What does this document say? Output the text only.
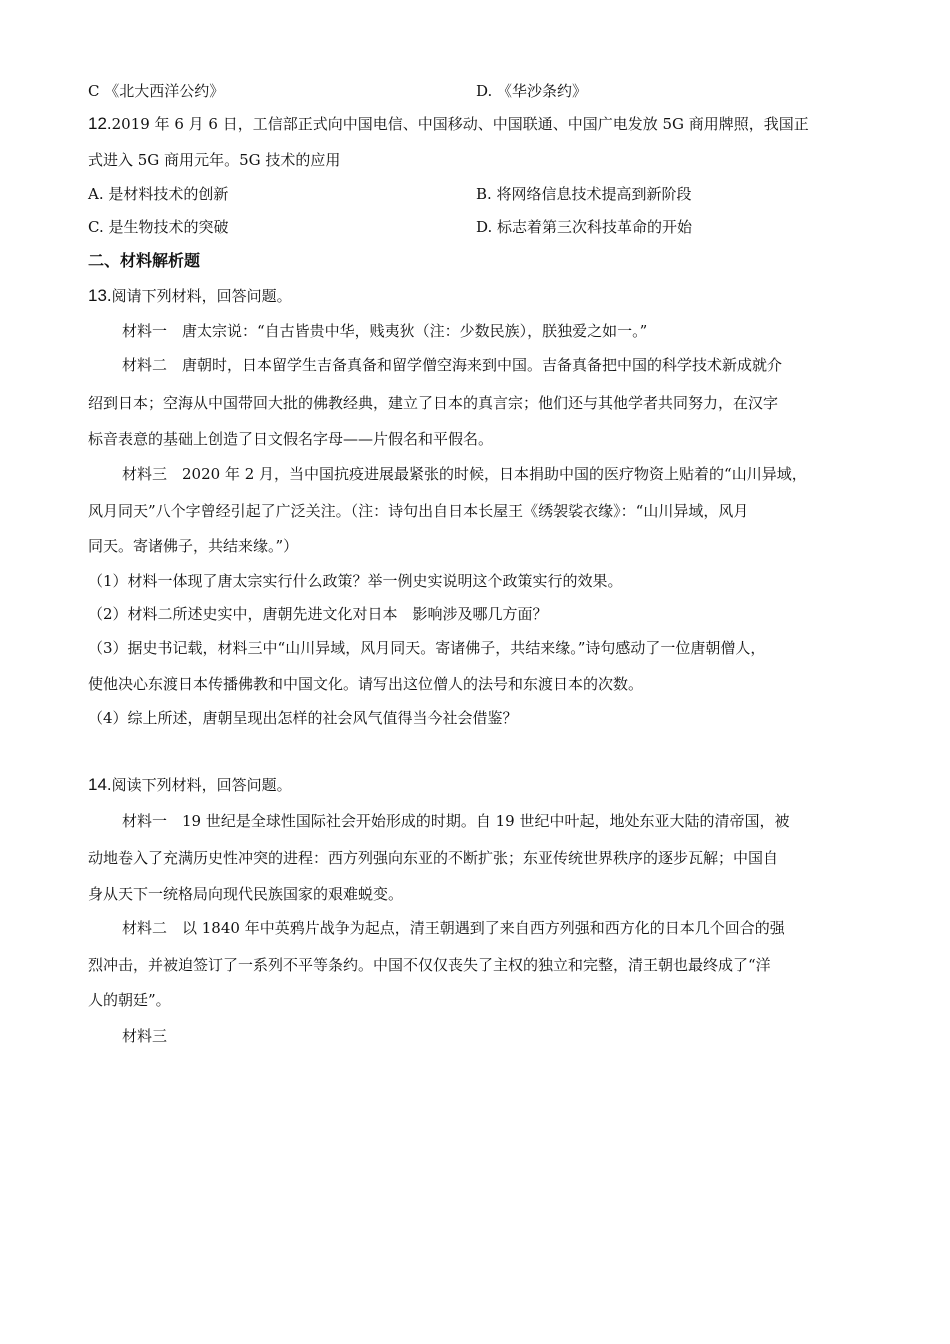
C 《北大西洋公约》	D. 《华沙条约》
12.2019 年 6 月 6 日，工信部正式向中国电信、中国移动、中国联通、中国广电发放 5G 商用牌照，我国正
式进入 5G 商用元年。5G 技术的应用
A. 是材料技术的创新	B. 将网络信息技术提高到新阶段
C. 是生物技术的突破	D. 标志着第三次科技革命的开始
二、材料解析题
13.阅请下列材料，回答问题。
材料一　唐太宗说：“自古皆贵中华，贱夷狄（注：少数民族），朕独爱之如一。”
材料二　唐朝时，日本留学生吉备真备和留学僧空海来到中国。吉备真备把中国的科学技术新成就介
绍到日本；空海从中国带回大批的佛教经典，建立了日本的真言宗；他们还与其他学者共同努力，在汉字
标音表意的基础上创造了日文假名字母——片假名和平假名。
材料三　2020 年 2 月，当中国抗疫进展最紧张的时候，日本捐助中国的医疗物资上贴着的“山川异域，
风月同天”八个字曾经引起了广泛关注。（注：诗句出自日本长屋王《绣袈裟衣缘》：“山川异域，风月
同天。寄诸佛子，共结来缘。”）
（1）材料一体现了唐太宗实行什么政策？举一例史实说明这个政策实行的效果。
（2）材料二所述史实中，唐朝先进文化对日本　影响涉及哪几方面？
（3）据史书记载，材料三中“山川异域，风月同天。寄诸佛子，共结来缘。”诗句感动了一位唐朝僧人，
使他决心东渡日本传播佛教和中国文化。请写出这位僧人的法号和东渡日本的次数。
（4）综上所述，唐朝呈现出怎样的社会风气值得当今社会借鉴？
14.阅读下列材料，回答问题。
材料一　19 世纪是全球性国际社会开始形成的时期。自 19 世纪中叶起，地处东亚大陆的清帝国，被
动地卷入了充满历史性冲突的进程：西方列强向东亚的不断扩张；东亚传统世界秩序的逐步瓦解；中国自
身从天下一统格局向现代民族国家的艰难蜕变。
材料二　以 1840 年中英鸦片战争为起点，清王朝遇到了来自西方列强和西方化的日本几个回合的强
烈冲击，并被迫签订了一系列不平等条约。中国不仅仅丧失了主权的独立和完整，清王朝也最终成了“洋
人的朝廷”。
材料三
